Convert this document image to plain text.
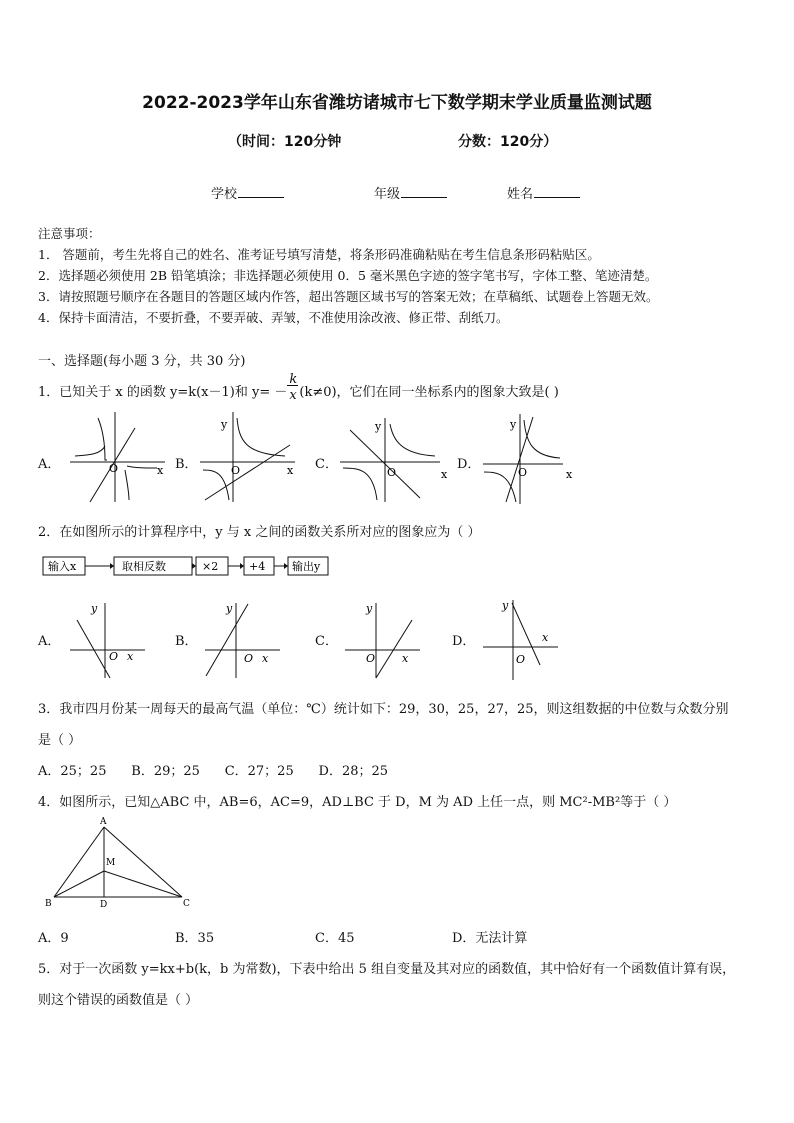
2022-2023学年山东省潍坊诸城市七下数学期末学业质量监测试题
（时间：120分钟	分数：120分）
学校	年级	姓名
注意事项：
1． 答题前，考生先将自己的姓名、准考证号填写清楚，将条形码准确粘贴在考生信息条形码粘贴区。
2．选择题必须使用 2B 铅笔填涂；非选择题必须使用 0．5 毫米黑色字迹的签字笔书写，字体工整、笔迹清楚。
3．请按照题号顺序在各题目的答题区域内作答，超出答题区域书写的答案无效；在草稿纸、试题卷上答题无效。
4．保持卡面清洁，不要折叠，不要弄破、弄皱，不准使用涂改液、修正带、刮纸刀。
一、选择题(每小题 3 分，共 30 分)
1．已知关于 x 的函数 y=k(x－1)和 $y= - \frac{k}{x} (k\ne 0)$，它们在同一坐标系内的图象大致是( )
A．	B．	C．	D．
O	x
y
O	x
y
O	x
y
O	x
2．在如图所示的计算程序中，y 与 x 之间的函数关系所对应的图象应为（ ）
输入x	取相反数	×2	+4 输出y
A．	B．	C．	D．
y
O x
y
O x
y
O x
y
O
x
3．我市四月份某一周每天的最高气温（单位：℃）统计如下：29，30，25，27，25，则这组数据的中位数与众数分别
是（ ）
A．25；25      B．29；25      C．27；25      D．28；25
4．如图所示，已知△ABC 中，AB=6，AC=9，AD⊥BC 于 D，M 为 AD 上任一点，则 MC²-MB²等于（ ）
A
M
B	D	C
A．9	B．35	C．45	D．无法计算
5．对于一次函数 y=kx+b(k，b 为常数)，下表中给出 5 组自变量及其对应的函数值，其中恰好有一个函数值计算有误，
则这个错误的函数值是（ ）
